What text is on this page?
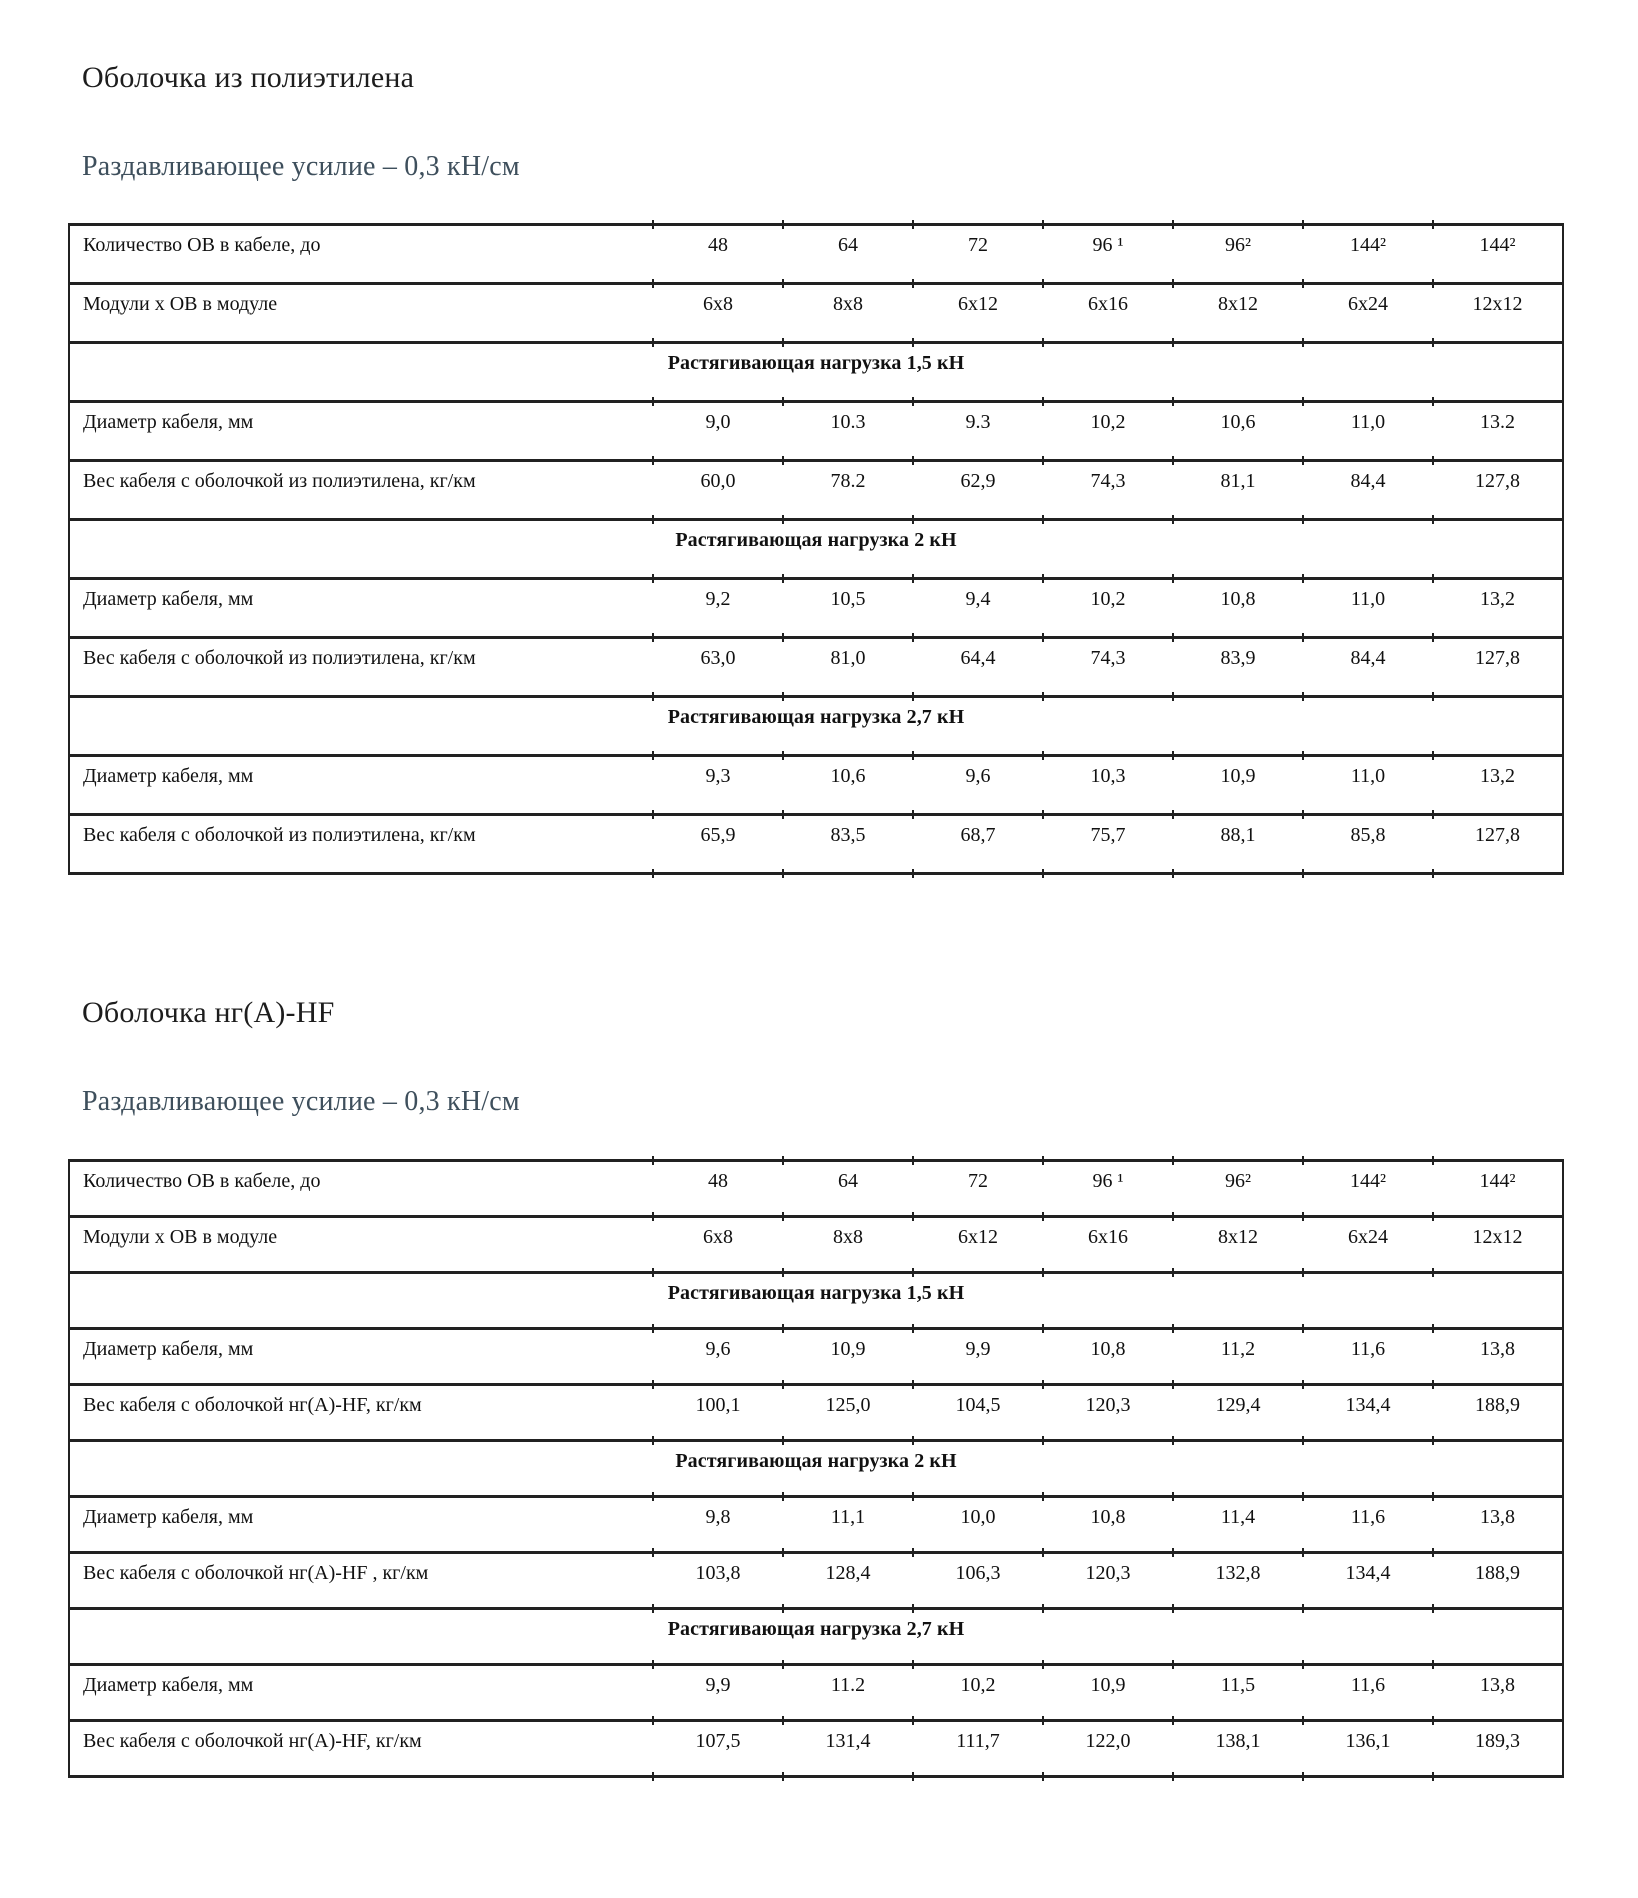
Оболочка из полиэтилена
Раздавливающее усилие – 0,3 кН/см
Количество ОВ в кабеле, до	48	64	72	96 ¹	96²	144²	144²
Модули х ОВ в модуле	6x8	8x8	6x12	6x16	8x12	6x24	12x12
Растягивающая нагрузка 1,5 кН							
Диаметр кабеля, мм	9,0	10.3	9.3	10,2	10,6	11,0	13.2
Вес кабеля с оболочкой из полиэтилена, кг/км	60,0	78.2	62,9	74,3	81,1	84,4	127,8
Растягивающая нагрузка 2 кН							
Диаметр кабеля, мм	9,2	10,5	9,4	10,2	10,8	11,0	13,2
Вес кабеля с оболочкой из полиэтилена, кг/км	63,0	81,0	64,4	74,3	83,9	84,4	127,8
Растягивающая нагрузка 2,7 кН							
Диаметр кабеля, мм	9,3	10,6	9,6	10,3	10,9	11,0	13,2
Вес кабеля с оболочкой из полиэтилена, кг/км	65,9	83,5	68,7	75,7	88,1	85,8	127,8
Оболочка нг(А)-HF
Раздавливающее усилие – 0,3 кН/см
Количество ОВ в кабеле, до	48	64	72	96 ¹	96²	144²	144²
Модули х ОВ в модуле	6x8	8x8	6x12	6x16	8x12	6x24	12x12
Растягивающая нагрузка 1,5 кН							
Диаметр кабеля, мм	9,6	10,9	9,9	10,8	11,2	11,6	13,8
Вес кабеля с оболочкой нг(А)-HF, кг/км	100,1	125,0	104,5	120,3	129,4	134,4	188,9
Растягивающая нагрузка 2 кН							
Диаметр кабеля, мм	9,8	11,1	10,0	10,8	11,4	11,6	13,8
Вес кабеля с оболочкой нг(А)-HF , кг/км	103,8	128,4	106,3	120,3	132,8	134,4	188,9
Растягивающая нагрузка 2,7 кН							
Диаметр кабеля, мм	9,9	11.2	10,2	10,9	11,5	11,6	13,8
Вес кабеля с оболочкой нг(А)-HF, кг/км	107,5	131,4	111,7	122,0	138,1	136,1	189,3
